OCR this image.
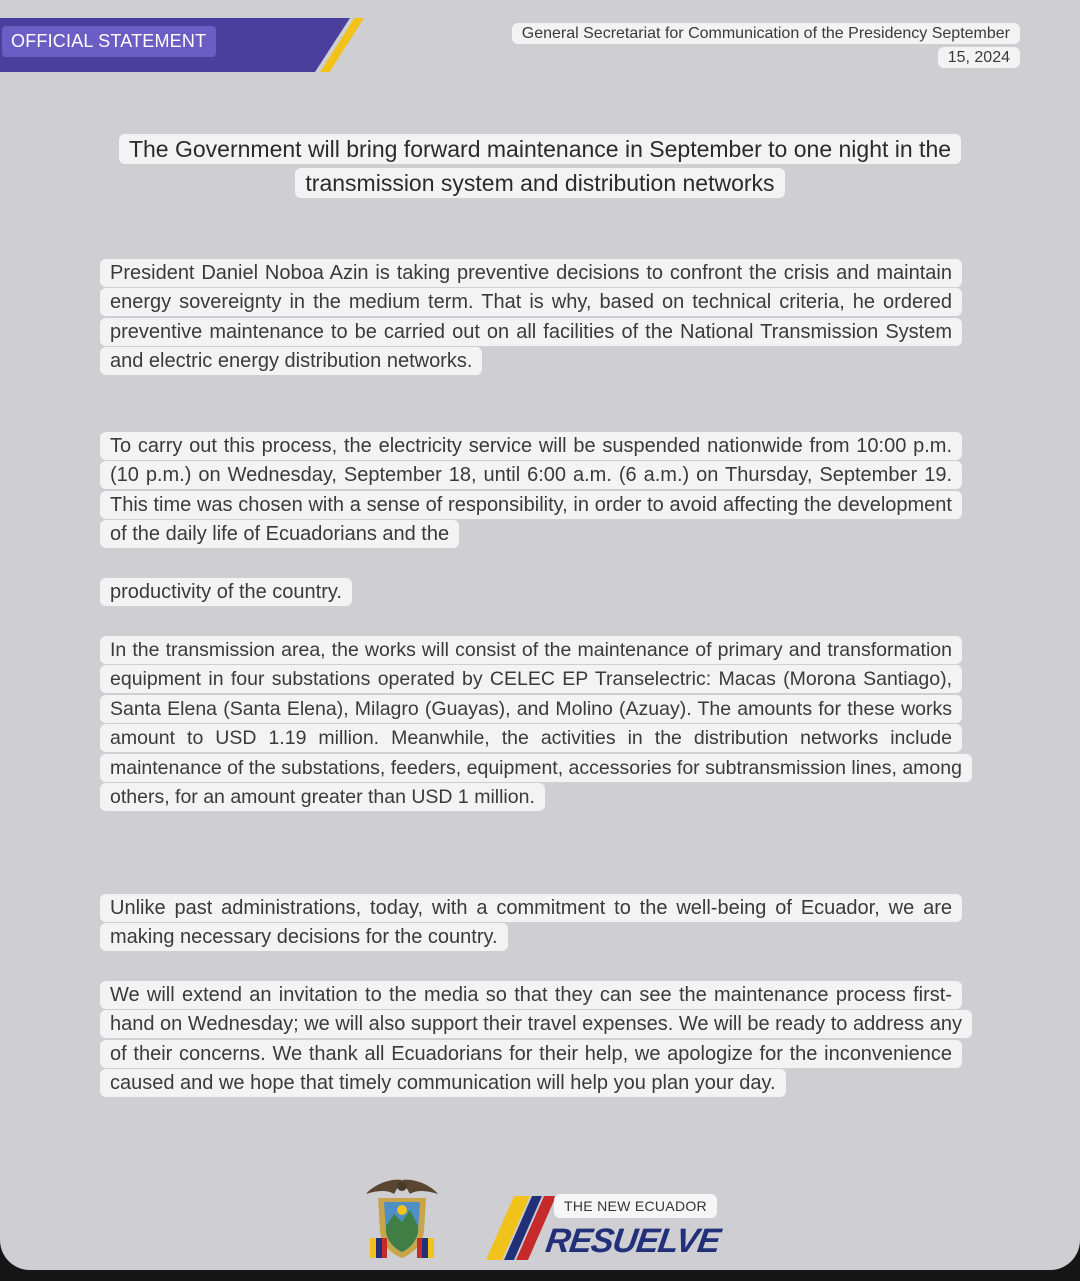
OFFICIAL STATEMENT	General Secretariat for Communication of the Presidency September 15, 2024
The Government will bring forward maintenance in September to one night in the transmission system and distribution networks
President Daniel Noboa Azin is taking preventive decisions to confront the crisis and maintain energy sovereignty in the medium term. That is why, based on technical criteria, he ordered preventive maintenance to be carried out on all facilities of the National Transmission System and electric energy distribution networks.
To carry out this process, the electricity service will be suspended nationwide from 10:00 p.m. (10 p.m.) on Wednesday, September 18, until 6:00 a.m. (6 a.m.) on Thursday, September 19. This time was chosen with a sense of responsibility, in order to avoid affecting the development of the daily life of Ecuadorians and the
productivity of the country.
In the transmission area, the works will consist of the maintenance of primary and transformation equipment in four substations operated by CELEC EP Transelectric: Macas (Morona Santiago), Santa Elena (Santa Elena), Milagro (Guayas), and Molino (Azuay). The amounts for these works amount to USD 1.19 million. Meanwhile, the activities in the distribution networks include maintenance of the substations, feeders, equipment, accessories for subtransmission lines, among others, for an amount greater than USD 1 million.
Unlike past administrations, today, with a commitment to the well-being of Ecuador, we are making necessary decisions for the country.
We will extend an invitation to the media so that they can see the maintenance process first-hand on Wednesday; we will also support their travel expenses. We will be ready to address any of their concerns. We thank all Ecuadorians for their help, we apologize for the inconvenience caused and we hope that timely communication will help you plan your day.
THE NEW ECUADOR
RESUELVE
